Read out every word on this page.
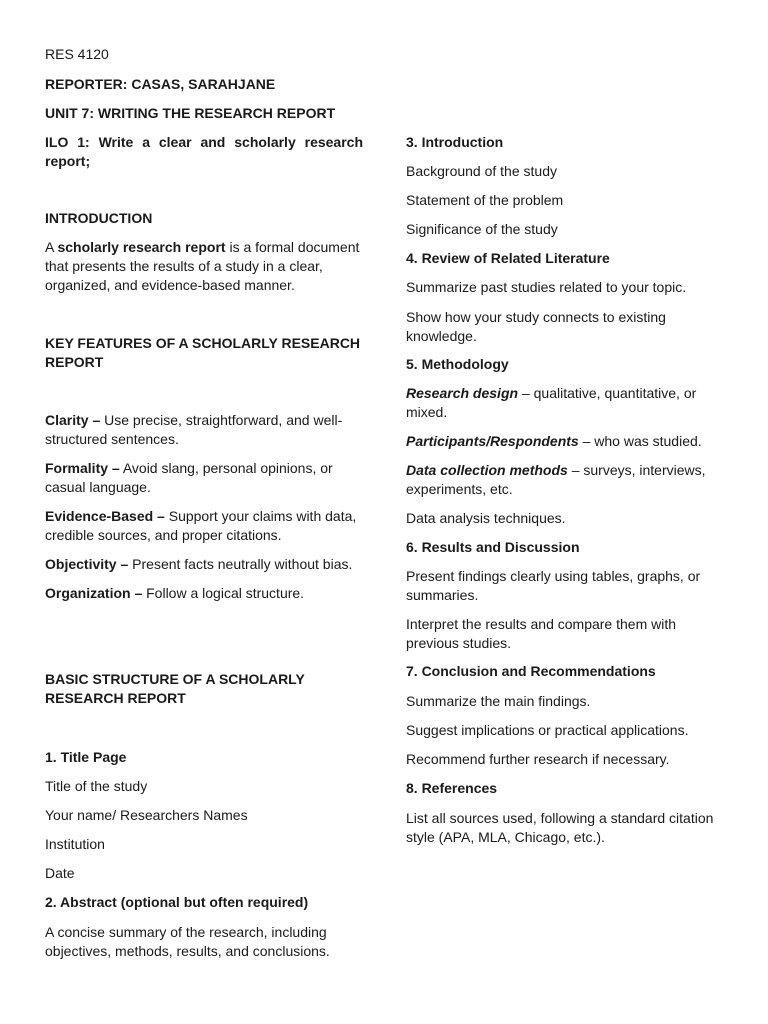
RES 4120

REPORTER: CASAS, SARAHJANE

UNIT 7: WRITING THE RESEARCH REPORT

ILO 1: Write a clear and scholarly research report;

INTRODUCTION

A scholarly research report is a formal document that presents the results of a study in a clear, organized, and evidence-based manner.

KEY FEATURES OF A SCHOLARLY RESEARCH REPORT

Clarity – Use precise, straightforward, and well-structured sentences.

Formality – Avoid slang, personal opinions, or casual language.

Evidence-Based – Support your claims with data, credible sources, and proper citations.

Objectivity – Present facts neutrally without bias.

Organization – Follow a logical structure.

BASIC STRUCTURE OF A SCHOLARLY RESEARCH REPORT

1. Title Page

Title of the study

Your name/ Researchers Names

Institution

Date

2. Abstract (optional but often required)

A concise summary of the research, including objectives, methods, results, and conclusions.

3. Introduction

Background of the study

Statement of the problem

Significance of the study

4. Review of Related Literature

Summarize past studies related to your topic.

Show how your study connects to existing knowledge.

5. Methodology

Research design – qualitative, quantitative, or mixed.

Participants/Respondents – who was studied.

Data collection methods – surveys, interviews, experiments, etc.

Data analysis techniques.

6. Results and Discussion

Present findings clearly using tables, graphs, or summaries.

Interpret the results and compare them with previous studies.

7. Conclusion and Recommendations

Summarize the main findings.

Suggest implications or practical applications.

Recommend further research if necessary.

8. References

List all sources used, following a standard citation style (APA, MLA, Chicago, etc.).
